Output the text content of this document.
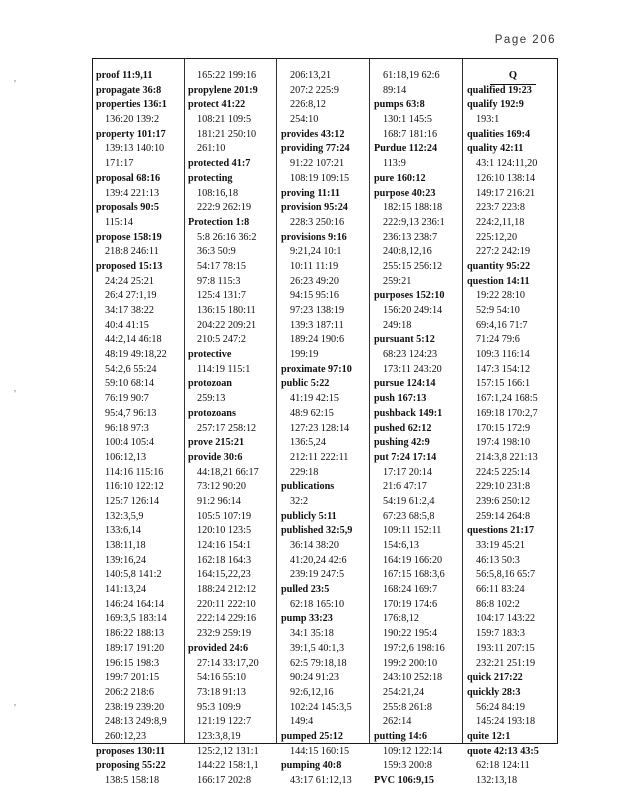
Page 206
'
'
'
proof 11:9,11
propagate 36:8
properties 136:1
136:20 139:2
property 101:17
139:13 140:10
171:17
proposal 68:16
139:4 221:13
proposals 90:5
115:14
propose 158:19
218:8 246:11
proposed 15:13
24:24 25:21
26:4 27:1,19
34:17 38:22
40:4 41:15
44:2,14 46:18
48:19 49:18,22
54:2,6 55:24
59:10 68:14
76:19 90:7
95:4,7 96:13
96:18 97:3
100:4 105:4
106:12,13
114:16 115:16
116:10 122:12
125:7 126:14
132:3,5,9
133:6,14
138:11,18
139:16,24
140:5,8 141:2
141:13,24
146:24 164:14
169:3,5 183:14
186:22 188:13
189:17 191:20
196:15 198:3
199:7 201:15
206:2 218:6
238:19 239:20
248:13 249:8,9
260:12,23
proposes 130:11
proposing 55:22
138:5 158:18
165:22 199:16
propylene 201:9
protect 41:22
108:21 109:5
181:21 250:10
261:10
protected 41:7
protecting
108:16,18
222:9 262:19
Protection 1:8
5:8 26:16 36:2
36:3 50:9
54:17 78:15
97:8 115:3
125:4 131:7
136:15 180:11
204:22 209:21
210:5 247:2
protective
114:19 115:1
protozoan
259:13
protozoans
257:17 258:12
prove 215:21
provide 30:6
44:18,21 66:17
73:12 90:20
91:2 96:14
105:5 107:19
120:10 123:5
124:16 154:1
162:18 164:3
164:15,22,23
188:24 212:12
220:11 222:10
222:14 229:16
232:9 259:19
provided 24:6
27:14 33:17,20
54:16 55:10
73:18 91:13
95:3 109:9
121:19 122:7
123:3,8,19
125:2,12 131:1
144:22 158:1,1
166:17 202:8
206:13,21
207:2 225:9
226:8,12
254:10
provides 43:12
providing 77:24
91:22 107:21
108:19 109:15
proving 11:11
provision 95:24
228:3 250:16
provisions 9:16
9:21,24 10:1
10:11 11:19
26:23 49:20
94:15 95:16
97:23 138:19
139:3 187:11
189:24 190:6
199:19
proximate 97:10
public 5:22
41:19 42:15
48:9 62:15
127:23 128:14
136:5,24
212:11 222:11
229:18
publications
32:2
publicly 5:11
published 32:5,9
36:14 38:20
41:20,24 42:6
239:19 247:5
pulled 23:5
62:18 165:10
pump 33:23
34:1 35:18
39:1,5 40:1,3
62:5 79:18,18
90:24 91:23
92:6,12,16
102:24 145:3,5
149:4
pumped 25:12
144:15 160:15
pumping 40:8
43:17 61:12,13
61:18,19 62:6
89:14
pumps 63:8
130:1 145:5
168:7 181:16
Purdue 112:24
113:9
pure 160:12
purpose 40:23
182:15 188:18
222:9,13 236:1
236:13 238:7
240:8,12,16
255:15 256:12
259:21
purposes 152:10
156:20 249:14
249:18
pursuant 5:12
68:23 124:23
173:11 243:20
pursue 124:14
push 167:13
pushback 149:1
pushed 62:12
pushing 42:9
put 7:24 17:14
17:17 20:14
21:6 47:17
54:19 61:2,4
67:23 68:5,8
109:11 152:11
154:6,13
164:19 166:20
167:15 168:3,6
168:24 169:7
170:19 174:6
176:8,12
190:22 195:4
197:2,6 198:16
199:2 200:10
243:10 252:18
254:21,24
255:8 261:8
262:14
putting 14:6
109:12 122:14
159:3 200:8
PVC 106:9,15
Q
qualified 19:23
qualify 192:9
193:1
qualities 169:4
quality 42:11
43:1 124:11,20
126:10 138:14
149:17 216:21
223:7 223:8
224:2,11,18
225:12,20
227:2 242:19
quantity 95:22
question 14:11
19:22 28:10
52:9 54:10
69:4,16 71:7
71:24 79:6
109:3 116:14
147:3 154:12
157:15 166:1
167:1,24 168:5
169:18 170:2,7
170:15 172:9
197:4 198:10
214:3,8 221:13
224:5 225:14
229:10 231:8
239:6 250:12
259:14 264:8
questions 21:17
33:19 45:21
46:13 50:3
56:5,8,16 65:7
66:11 83:24
86:8 102:2
104:17 143:22
159:7 183:3
193:11 207:15
232:21 251:19
quick 217:22
quickly 28:3
56:24 84:19
145:24 193:18
quite 12:1
quote 42:13 43:5
62:18 124:11
132:13,18
